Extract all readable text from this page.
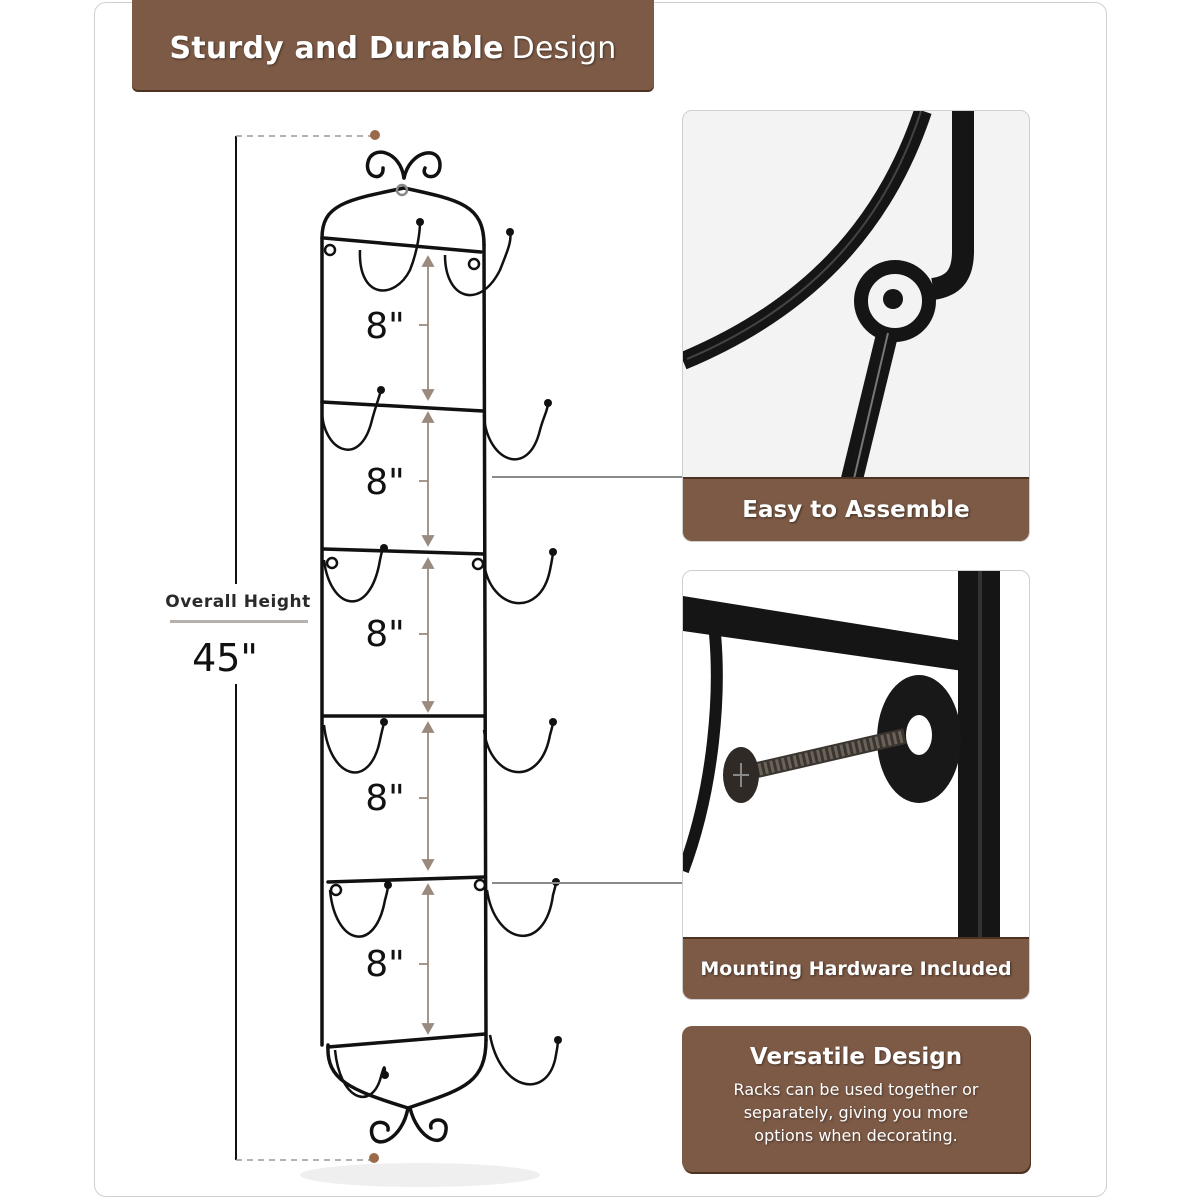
Sturdy and Durable Design
8"
8"
8"
8"
8"
Overall Height
45"
Easy to Assemble
Mounting Hardware Included
Versatile Design
Racks can be used together or separately, giving you more options when decorating.
